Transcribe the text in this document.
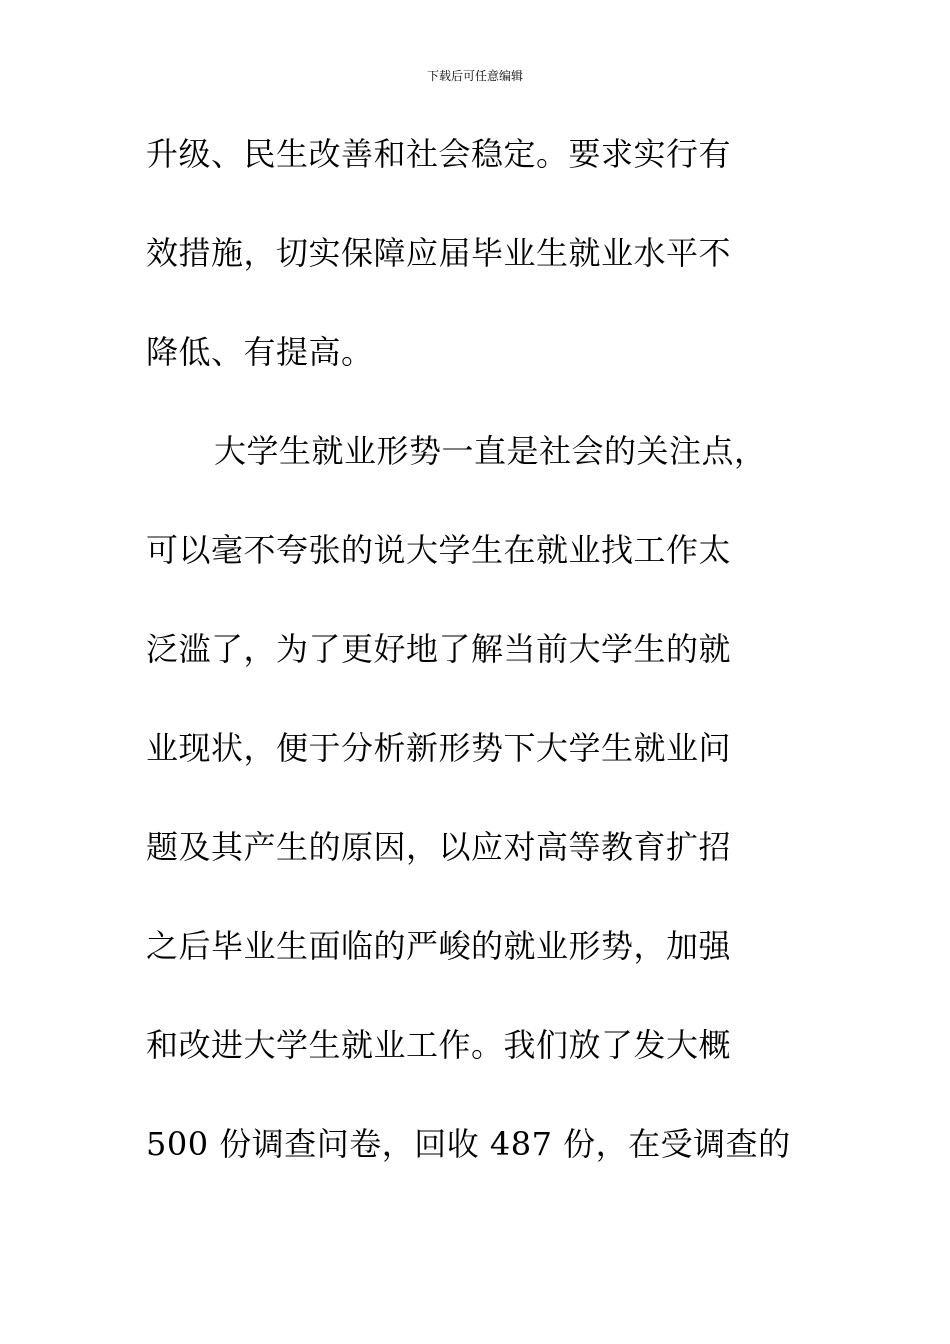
下载后可任意编辑
升级、民生改善和社会稳定。要求实行有
效措施，切实保障应届毕业生就业水平不
降低、有提高。
大学生就业形势一直是社会的关注点，
可以毫不夸张的说大学生在就业找工作太
泛滥了，为了更好地了解当前大学生的就
业现状，便于分析新形势下大学生就业问
题及其产生的原因，以应对高等教育扩招
之后毕业生面临的严峻的就业形势，加强
和改进大学生就业工作。我们放了发大概
500 份调查问卷，回收 487 份，在受调查的
